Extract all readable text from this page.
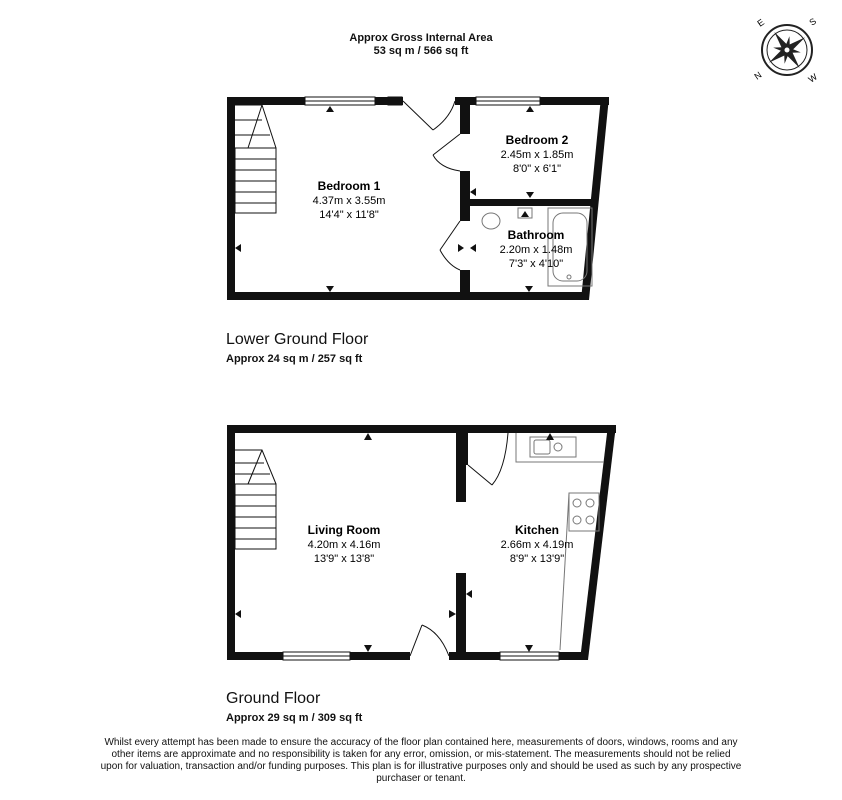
Approx Gross Internal Area
53 sq m / 566 sq ft
E	S
N	W
Bedroom 1
4.37m x 3.55m
14'4" x 11'8"
Bedroom 2
2.45m x 1.85m
8'0" x 6'1"
Bathroom
2.20m x 1.48m
7'3" x 4'10"
Living Room
4.20m x 4.16m
13'9" x 13'8"
Kitchen
2.66m x 4.19m
8'9" x 13'9"
Lower Ground Floor
Approx 24 sq m / 257 sq ft
Ground Floor
Approx 29 sq m / 309 sq ft
Whilst every attempt has been made to ensure the accuracy of the floor plan contained here, measurements of doors, windows, rooms and any other items are approximate and no responsibility is taken for any error, omission, or mis-statement. The measurements should not be relied upon for valuation, transaction and/or funding purposes. This plan is for illustrative purposes only and should be used as such by any prospective purchaser or tenant.
